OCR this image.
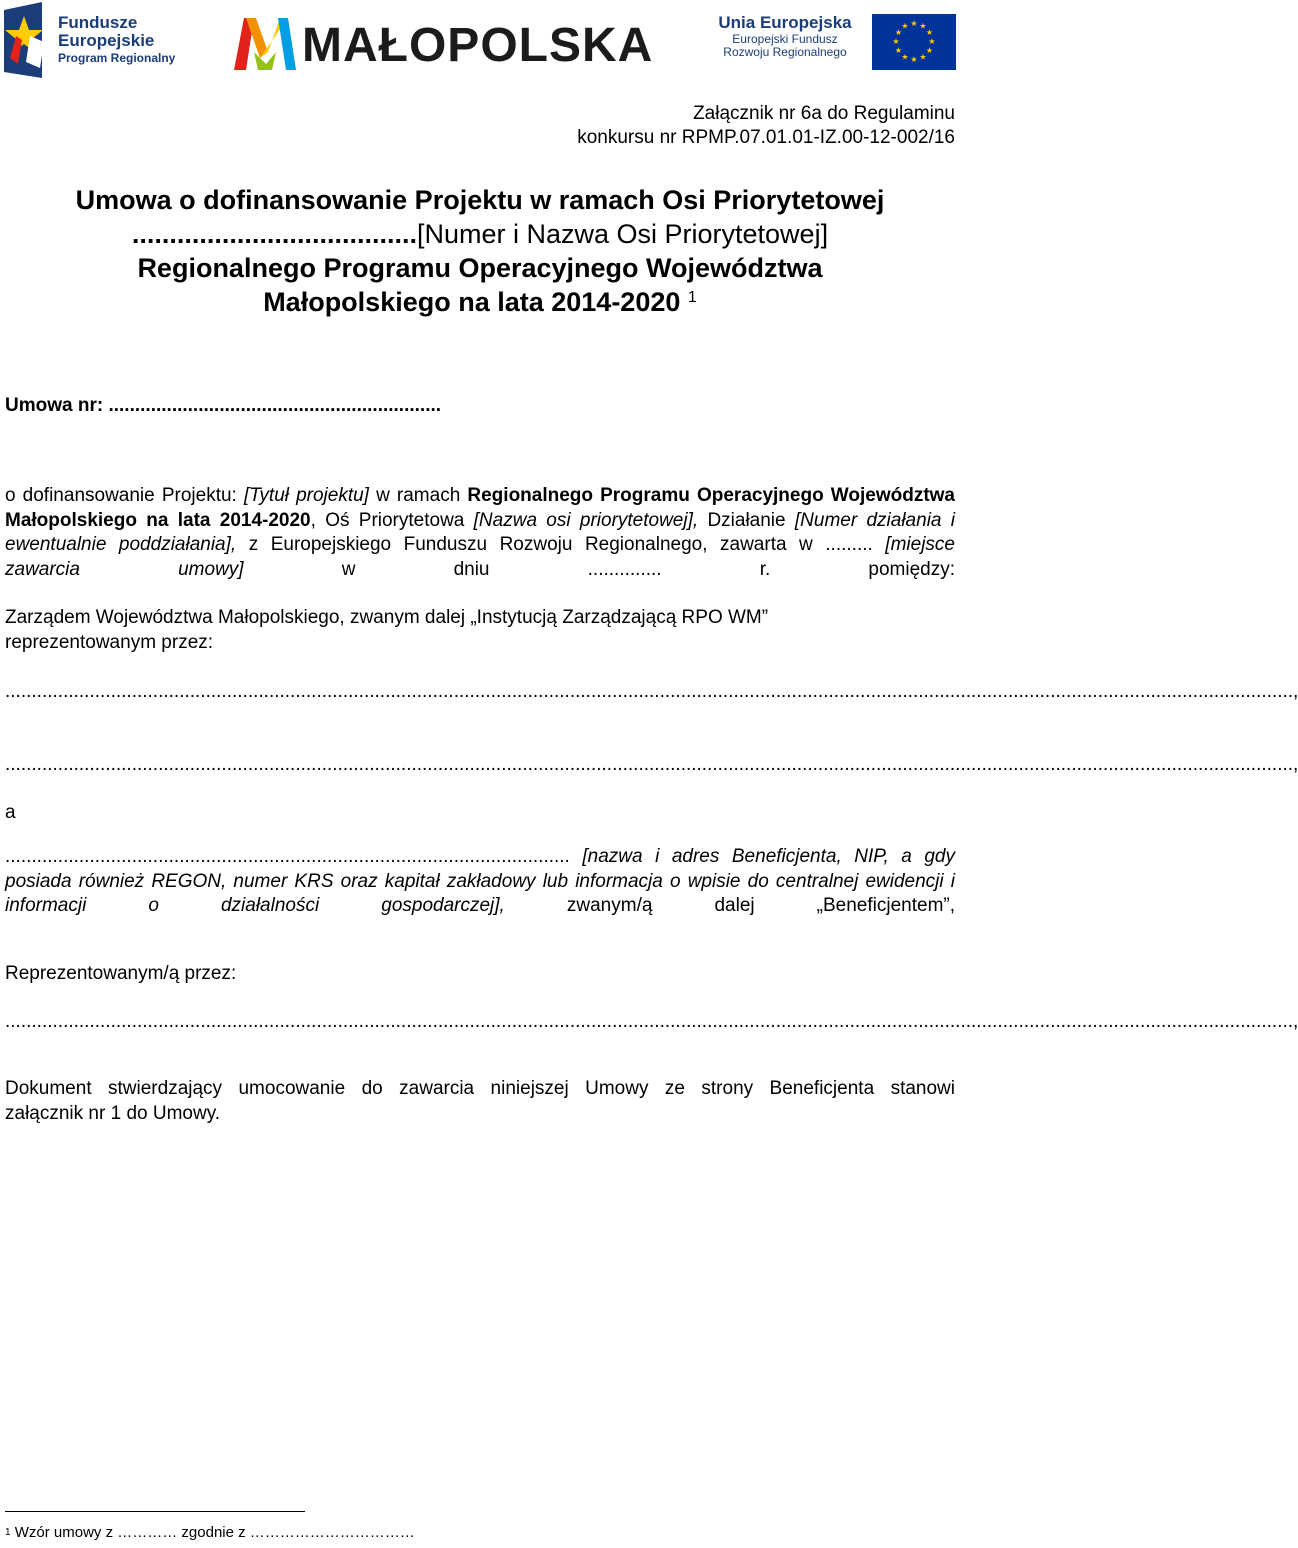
Fundusze
Europejskie
Program Regionalny	MAŁOPOLSKA	Unia Europejska
Europejski Fundusz
Rozwoju Regionalnego
★ ★
★
★
★
★
★
★
★
★
★
★
Załącznik nr 6a do Regulaminu
konkursu nr RPMP.07.01.01-IZ.00-12-002/16
Umowa o dofinansowanie Projektu w ramach Osi Priorytetowej
......................................[Numer i Nazwa Osi Priorytetowej]
Regionalnego Programu Operacyjnego Województwa
Małopolskiego na lata 2014-2020 $^1$
Umowa nr: ...............................................................
o dofinansowanie Projektu: [Tytuł projektu] w ramach Regionalnego Programu Operacyjnego Województwa Małopolskiego na lata 2014-2020, Oś Priorytetowa [Nazwa osi priorytetowej], Działanie [Numer działania i ewentualnie poddziałania], z Europejskiego Funduszu Rozwoju Regionalnego, zawarta w ......... [miejsce zawarcia umowy] w dniu .............. r. pomiędzy:
Zarządem Województwa Małopolskiego, zwanym dalej „Instytucją Zarządzającą RPO WM”
reprezentowanym przez:
....................................................................................................................................................................................................................................................,
....................................................................................................................................................................................................................................................,
a
........................................................................................................... [nazwa i adres Beneficjenta, NIP, a gdy posiada również REGON, numer KRS oraz kapitał zakładowy lub informacja o wpisie do centralnej ewidencji i informacji o działalności gospodarczej], zwanym/ą dalej „Beneficjentem”,
Reprezentowanym/ą przez:
....................................................................................................................................................................................................................................................,
Dokument stwierdzający umocowanie do zawarcia niniejszej Umowy ze strony Beneficjenta stanowi
załącznik nr 1 do Umowy.
$^1$ Wzór umowy z ………… zgodnie z ……………………………
